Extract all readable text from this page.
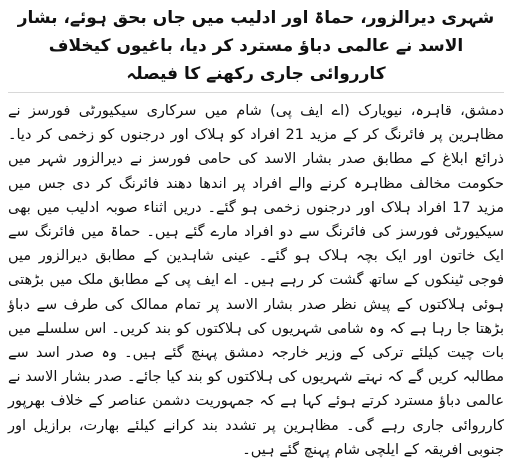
شہری دیرالزور، حماۃ اور ادلیب میں جاں بحق ہوئے، بشار الاسد نے عالمی دباؤ مسترد کر دیا، باغیوں کیخلاف کارروائی جاری رکھنے کا فیصلہ

دمشق، قاہرہ، نیویارک (اے ایف پی) شام میں سرکاری سیکیورٹی فورسز نے مظاہرین پر فائرنگ کر کے مزید 21 افراد کو ہلاک اور درجنوں کو زخمی کر دیا۔ ذرائع ابلاغ کے مطابق صدر بشار الاسد کی حامی فورسز نے دیرالزور شہر میں حکومت مخالف مظاہرہ کرنے والے افراد پر اندھا دھند فائرنگ کر دی جس میں مزید 17 افراد ہلاک اور درجنوں زخمی ہو گئے۔ دریں اثناء صوبہ ادلیب میں بھی سیکیورٹی فورسز کی فائرنگ سے دو افراد مارے گئے ہیں۔ حماۃ میں فائرنگ سے ایک خاتون اور ایک بچہ ہلاک ہو گئے۔ عینی شاہدین کے مطابق دیرالزور میں فوجی ٹینکوں کے ساتھ گشت کر رہے ہیں۔ اے ایف پی کے مطابق ملک میں بڑھتی ہوئی ہلاکتوں کے پیش نظر صدر بشار الاسد پر تمام ممالک کی طرف سے دباؤ بڑھتا جا رہا ہے کہ وہ شامی شہریوں کی ہلاکتوں کو بند کریں۔ اس سلسلے میں بات چیت کیلئے ترکی کے وزیر خارجہ دمشق پہنچ گئے ہیں۔ وہ صدر اسد سے مطالبہ کریں گے کہ نہتے شہریوں کی ہلاکتوں کو بند کیا جائے۔ صدر بشار الاسد نے عالمی دباؤ مسترد کرتے ہوئے کہا ہے کہ جمہوریت دشمن عناصر کے خلاف بھرپور کارروائی جاری رہے گی۔ مظاہرین پر تشدد بند کرانے کیلئے بھارت، برازیل اور جنوبی افریقہ کے ایلچی شام پہنچ گئے ہیں۔
